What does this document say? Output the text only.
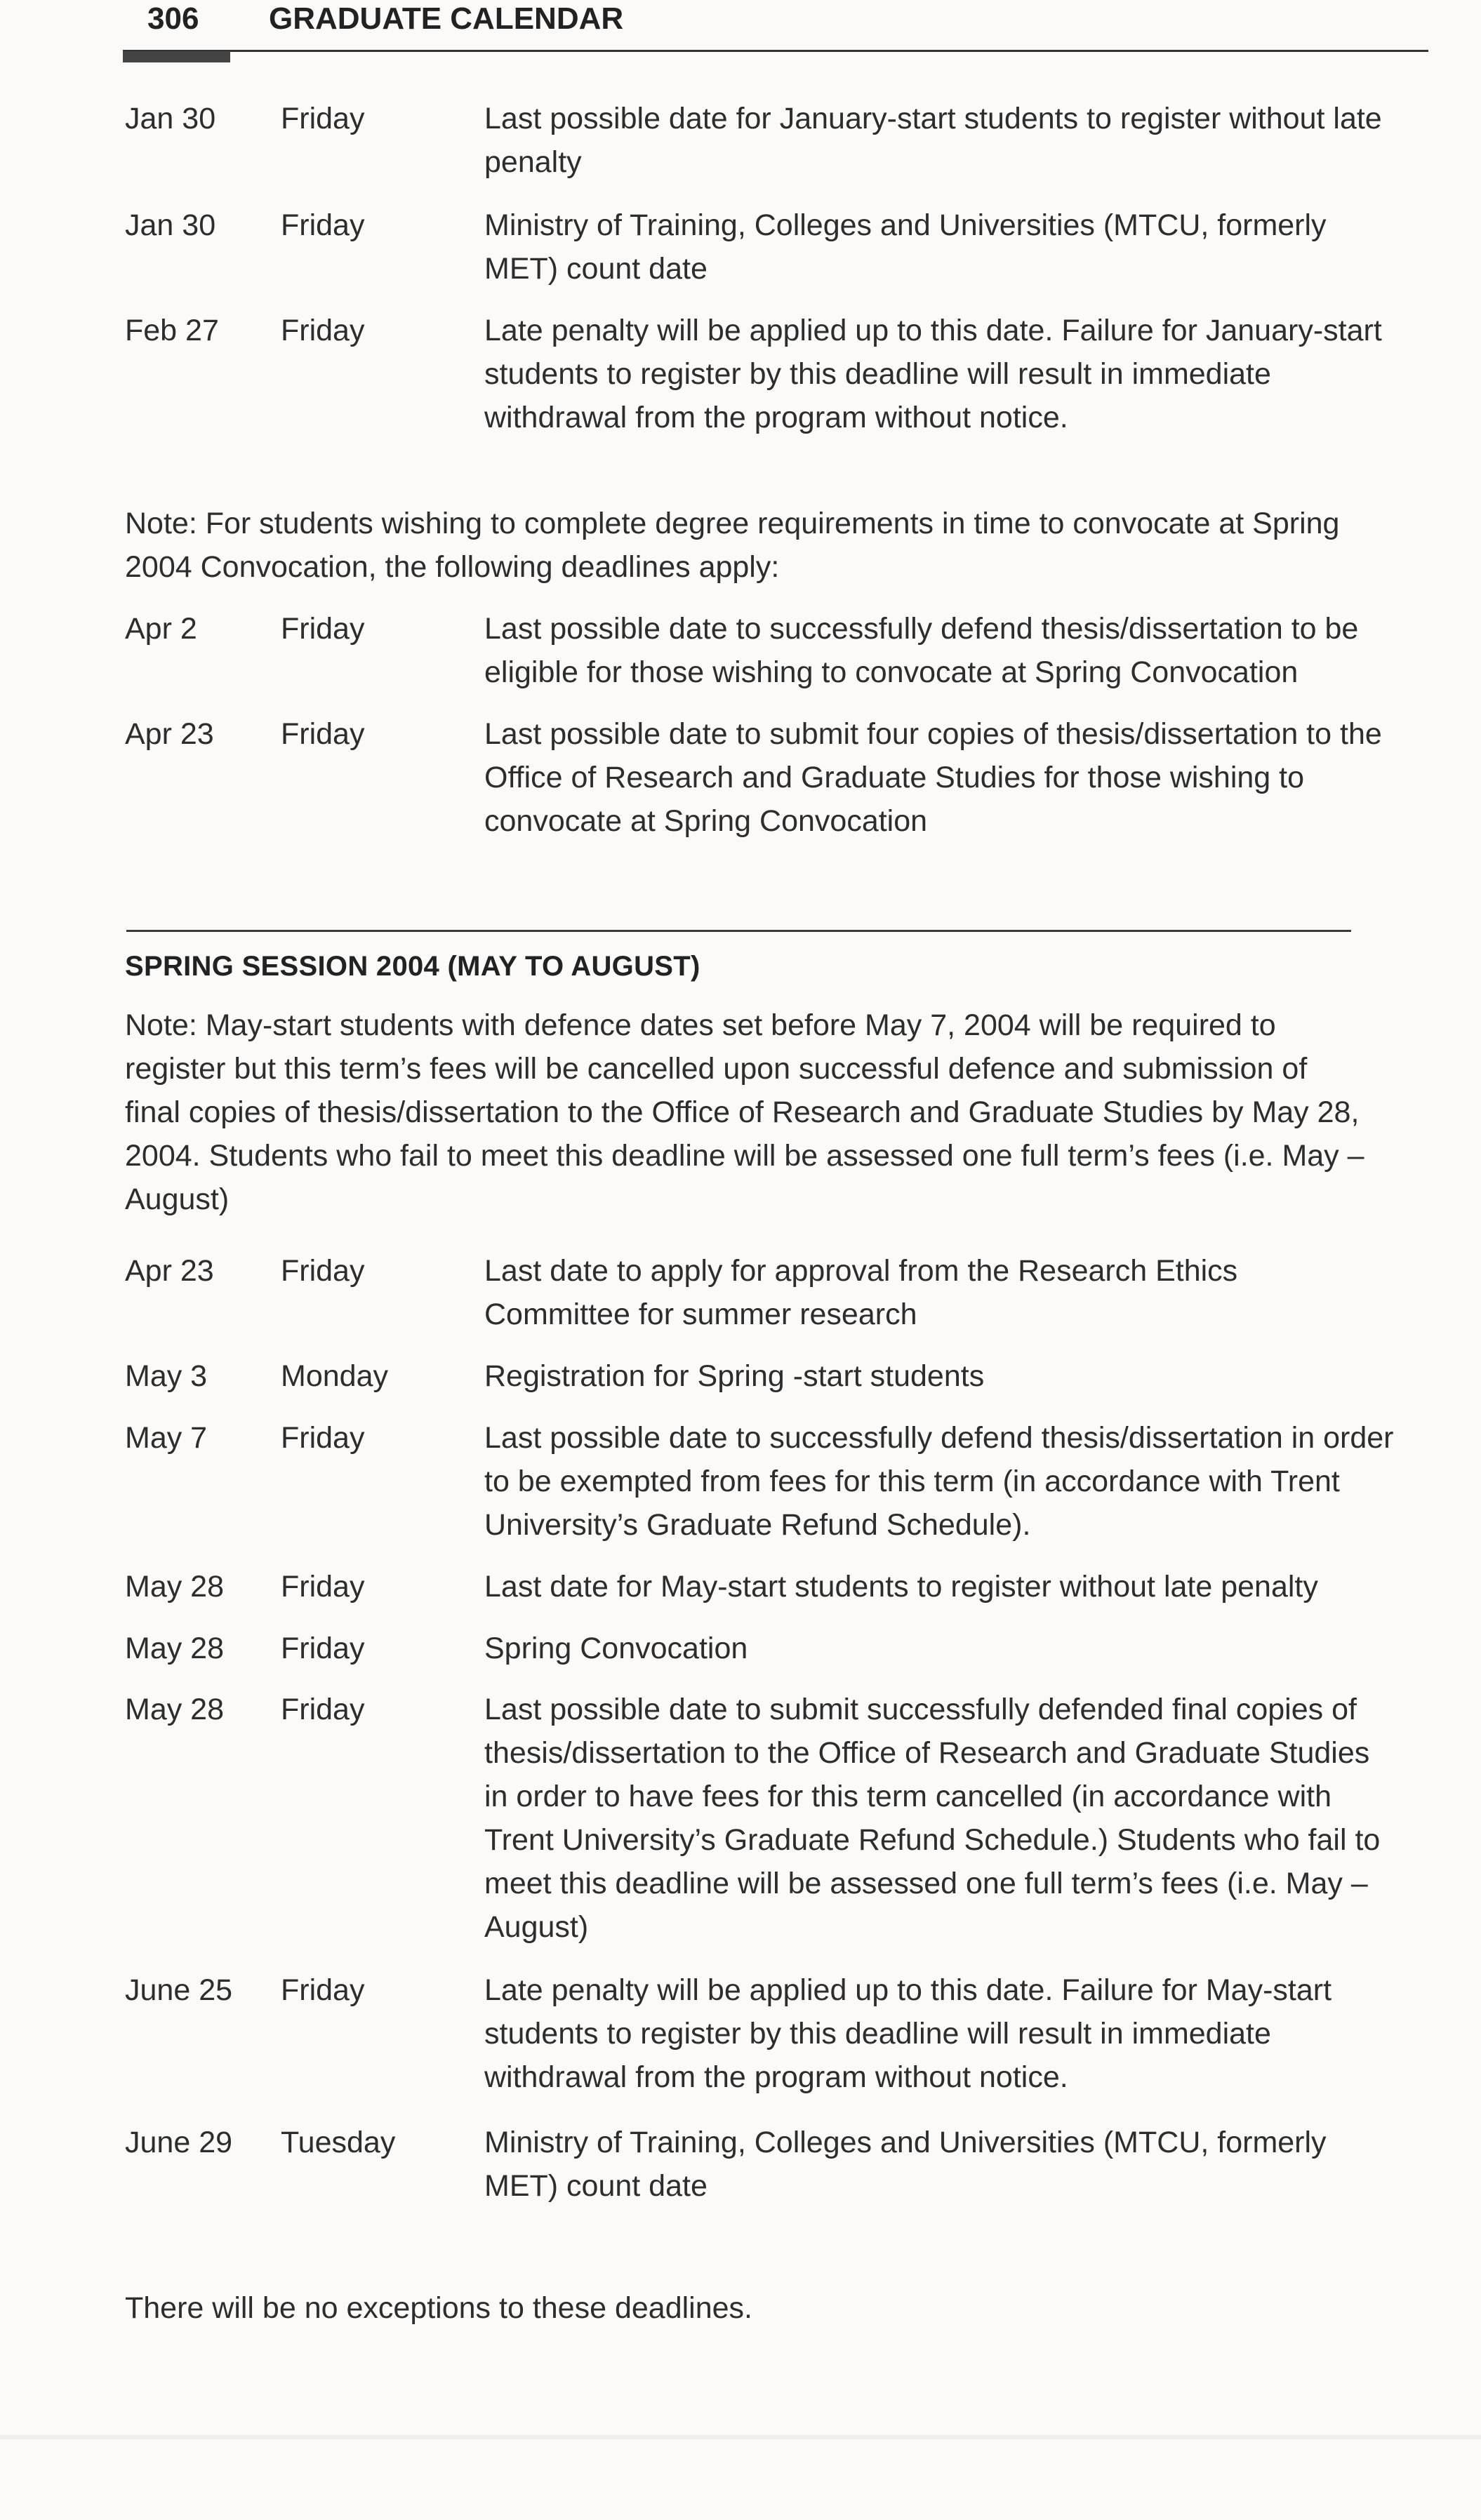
306 GRADUATE CALENDAR
Jan 30 Friday	Last possible date for January-start students to register without late
penalty
Jan 30 Friday	Ministry of Training, Colleges and Universities (MTCU, formerly
MET) count date
Feb 27 Friday	Late penalty will be applied up to this date. Failure for January-start
students to register by this deadline will result in immediate
withdrawal from the program without notice.
Note: For students wishing to complete degree requirements in time to convocate at Spring
2004 Convocation, the following deadlines apply:
Apr 2	Friday	Last possible date to successfully defend thesis/dissertation to be
eligible for those wishing to convocate at Spring Convocation
Apr 23 Friday	Last possible date to submit four copies of thesis/dissertation to the
Office of Research and Graduate Studies for those wishing to
convocate at Spring Convocation
SPRING SESSION 2004 (MAY TO AUGUST)
Note: May-start students with defence dates set before May 7, 2004 will be required to
register but this term’s fees will be cancelled upon successful defence and submission of
final copies of thesis/dissertation to the Office of Research and Graduate Studies by May 28,
2004. Students who fail to meet this deadline will be assessed one full term’s fees (i.e. May –
August)
Apr 23 Friday	Last date to apply for approval from the Research Ethics
Committee for summer research
May 3 Monday	Registration for Spring -start students
May 7 Friday	Last possible date to successfully defend thesis/dissertation in order
to be exempted from fees for this term (in accordance with Trent
University’s Graduate Refund Schedule).
May 28 Friday	Last date for May-start students to register without late penalty
May 28 Friday	Spring Convocation
May 28 Friday	Last possible date to submit successfully defended final copies of
thesis/dissertation to the Office of Research and Graduate Studies
in order to have fees for this term cancelled (in accordance with
Trent University’s Graduate Refund Schedule.) Students who fail to
meet this deadline will be assessed one full term’s fees (i.e. May –
August)
June 25 Friday	Late penalty will be applied up to this date. Failure for May-start
students to register by this deadline will result in immediate
withdrawal from the program without notice.
June 29 Tuesday	Ministry of Training, Colleges and Universities (MTCU, formerly
MET) count date
There will be no exceptions to these deadlines.
